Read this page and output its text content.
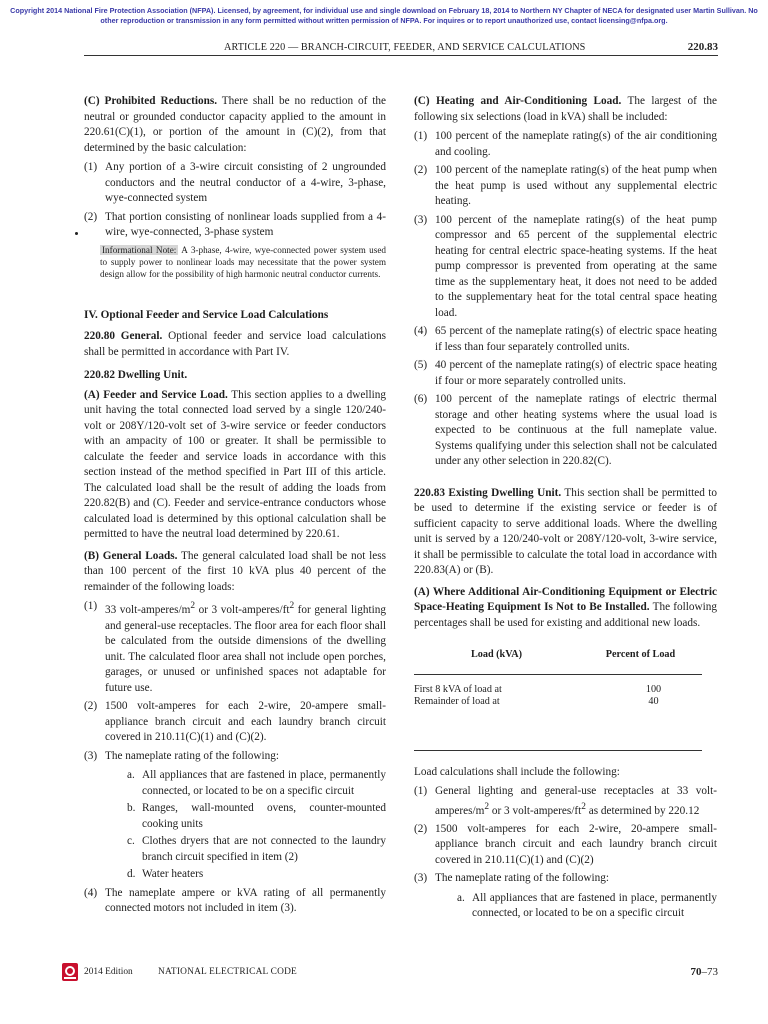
Copyright 2014 National Fire Protection Association (NFPA). Licensed, by agreement, for individual use and single download on February 18, 2014 to Northern NY Chapter of NECA for designated user Martin Sullivan. No other reproduction or transmission in any form permitted without written permission of NFPA. For inquires or to report unauthorized use, contact licensing@nfpa.org.
ARTICLE 220 — BRANCH-CIRCUIT, FEEDER, AND SERVICE CALCULATIONS	220.83

(C) Prohibited Reductions. There shall be no reduction of the neutral or grounded conductor capacity applied to the amount in 220.61(C)(1), or portion of the amount in (C)(2), from that determined by the basic calculation:

(1) Any portion of a 3-wire circuit consisting of 2 ungrounded conductors and the neutral conductor of a 4-wire, 3-phase, wye-connected system
(2) That portion consisting of nonlinear loads supplied from a 4-wire, wye-connected, 3-phase system
Informational Note: A 3-phase, 4-wire, wye-connected power system used to supply power to nonlinear loads may necessitate that the power system design allow for the possibility of high harmonic neutral conductor currents.
IV. Optional Feeder and Service Load Calculations

220.80 General. Optional feeder and service load calculations shall be permitted in accordance with Part IV.

220.82 Dwelling Unit.

(A) Feeder and Service Load. This section applies to a dwelling unit having the total connected load served by a single 120/240-volt or 208Y/120-volt set of 3-wire service or feeder conductors with an ampacity of 100 or greater. It shall be permissible to calculate the feeder and service loads in accordance with this section instead of the method specified in Part III of this article. The calculated load shall be the result of adding the loads from 220.82(B) and (C). Feeder and service-entrance conductors whose calculated load is determined by this optional calculation shall be permitted to have the neutral load determined by 220.61.

(B) General Loads. The general calculated load shall be not less than 100 percent of the first 10 kVA plus 40 percent of the remainder of the following loads:

(1) 33 volt-$amperes/m^2$ or 3 volt-$amperes/ft^2$ for general lighting and general-use receptacles. The floor area for each floor shall be calculated from the outside dimensions of the dwelling unit. The calculated floor area shall not include open porches, garages, or unused or unfinished spaces not adaptable for future use.
(2) 1500 volt-amperes for each 2-wire, 20-ampere small-appliance branch circuit and each laundry branch circuit covered in 210.11(C)(1) and (C)(2).
(3) The nameplate rating of the following:
a. All appliances that are fastened in place, permanently connected, or located to be on a specific circuit
b. Ranges, wall-mounted ovens, counter-mounted cooking units
c. Clothes dryers that are not connected to the laundry branch circuit specified in item (2)
d. Water heaters
(4) The nameplate ampere or kVA rating of all permanently connected motors not included in item (3).

(C) Heating and Air-Conditioning Load. The largest of the following six selections (load in kVA) shall be included:

(1) 100 percent of the nameplate rating(s) of the air conditioning and cooling.
(2) 100 percent of the nameplate rating(s) of the heat pump when the heat pump is used without any supplemental electric heating.
(3) 100 percent of the nameplate rating(s) of the heat pump compressor and 65 percent of the supplemental electric heating for central electric space-heating systems. If the heat pump compressor is prevented from operating at the same time as the supplementary heat, it does not need to be added to the supplementary heat for the total central space heating load.
(4) 65 percent of the nameplate rating(s) of electric space heating if less than four separately controlled units.
(5) 40 percent of the nameplate rating(s) of electric space heating if four or more separately controlled units.
(6) 100 percent of the nameplate ratings of electric thermal storage and other heating systems where the usual load is expected to be continuous at the full nameplate value. Systems qualifying under this selection shall not be calculated under any other selection in 220.82(C).

220.83 Existing Dwelling Unit. This section shall be permitted to be used to determine if the existing service or feeder is of sufficient capacity to serve additional loads. Where the dwelling unit is served by a 120/240-volt or 208Y/120-volt, 3-wire service, it shall be permissible to calculate the total load in accordance with 220.83(A) or (B).

(A) Where Additional Air-Conditioning Equipment or Electric Space-Heating Equipment Is Not to Be Installed. The following percentages shall be used for existing and additional new loads.

Load (kVA)	Percent of Load
First 8 kVA of load at	100
Remainder of load at	40

Load calculations shall include the following:

(1) General lighting and general-use receptacles at 33 volt-$amperes/m^2$ or 3 volt-$amperes/ft^2$ as determined by 220.12
(2) 1500 volt-amperes for each 2-wire, 20-ampere small-appliance branch circuit and each laundry branch circuit covered in 210.11(C)(1) and (C)(2)
(3) The nameplate rating of the following:
a. All appliances that are fastened in place, permanently connected, or located to be on a specific circuit
2014 Edition	NATIONAL ELECTRICAL CODE	70–73
